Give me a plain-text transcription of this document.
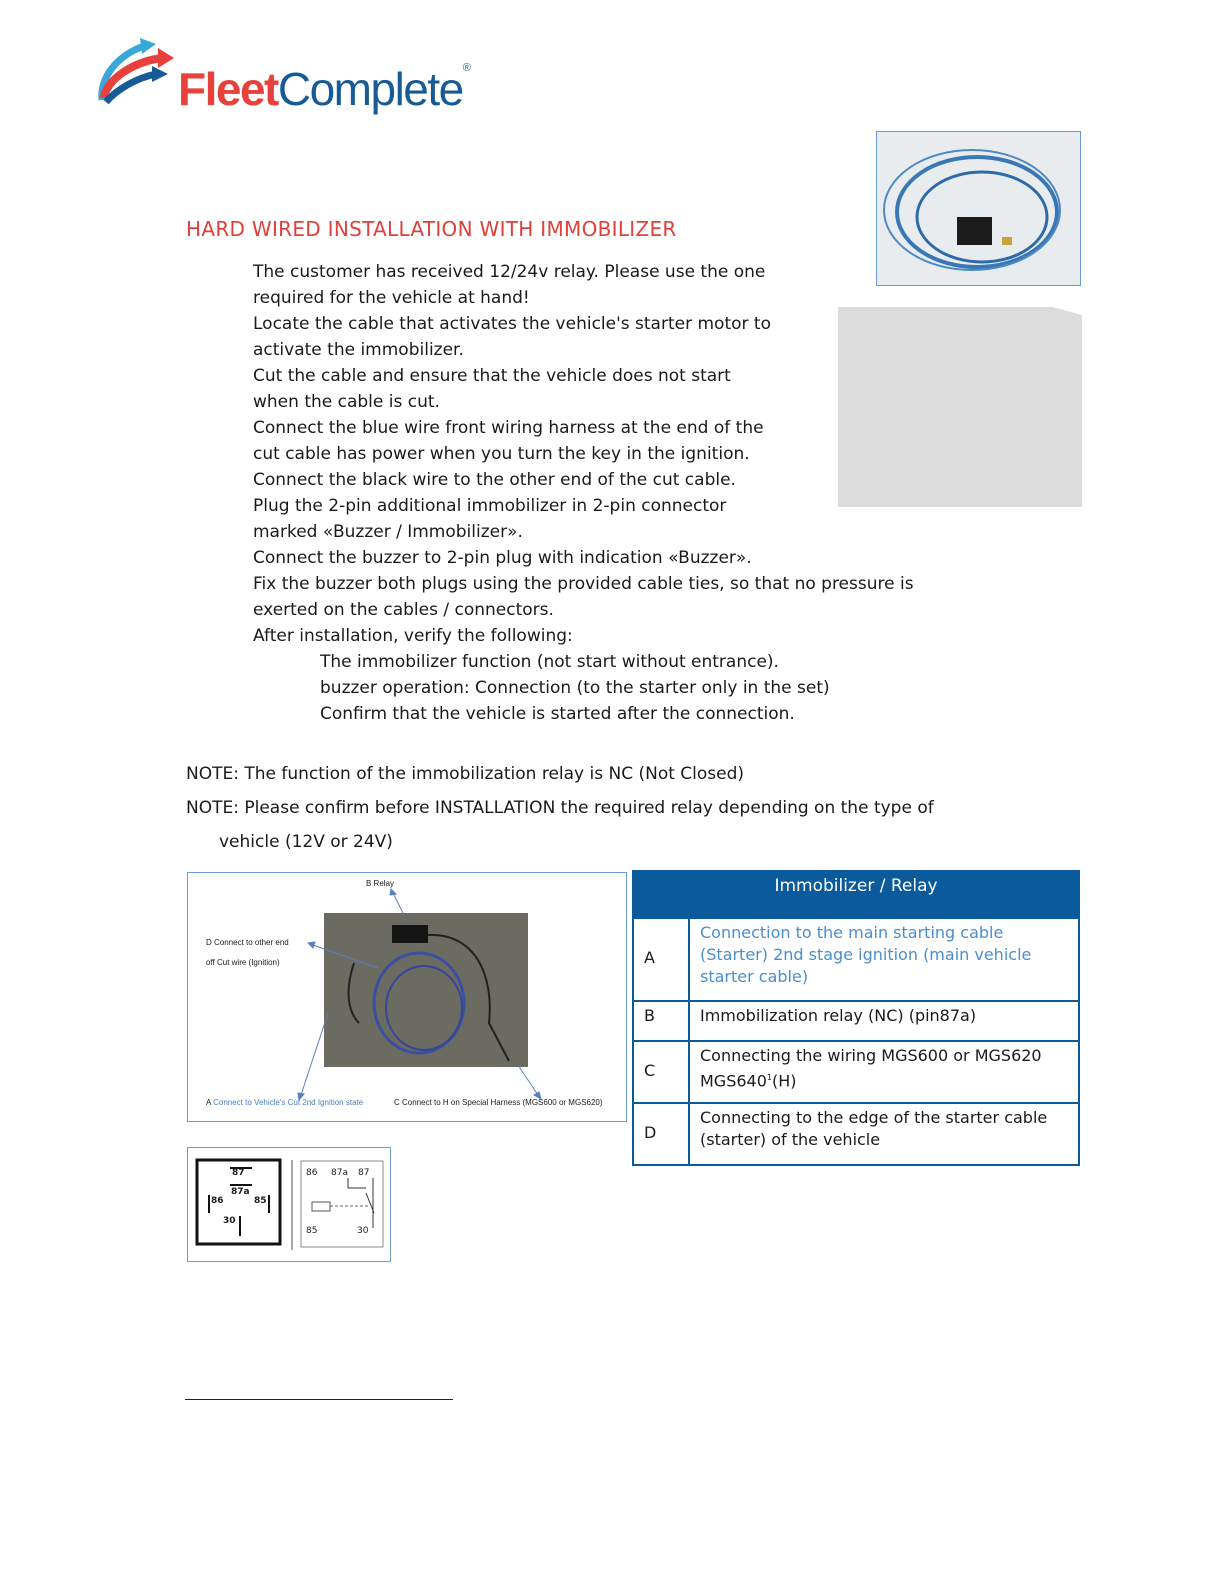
FleetComplete®
HARD WIRED INSTALLATION WITH IMMOBILIZER
The customer has received 12/24v relay. Please use the one
required for the vehicle at hand!
Locate the cable that activates the vehicle's starter motor to
activate the immobilizer.
Cut the cable and ensure that the vehicle does not start
when the cable is cut.
Connect the blue wire front wiring harness at the end of the
cut cable has power when you turn the key in the ignition.
Connect the black wire to the other end of the cut cable.
Plug the 2-pin additional immobilizer in 2-pin connector
marked «Buzzer / Immobilizer».
Connect the buzzer to 2-pin plug with indication «Buzzer».
Fix the buzzer both plugs using the provided cable ties, so that no pressure is
exerted on the cables / connectors.
After installation, verify the following:
The immobilizer function (not start without entrance).
buzzer operation: Connection (to the starter only in the set)
Confirm that the vehicle is started after the connection.
NOTE: The function of the immobilization relay is NC (Not Closed)
NOTE: Please confirm before INSTALLATION the required relay depending on the type of
vehicle (12V or 24V)
B Relay
D Connect to other end
off Cut wire (Ignition)
A Connect to Vehicle's Cut 2nd Ignition state	C Connect to H on Special Harness (MGS600 or MGS620)
87
87a
86	85
30
86 87a 87
85	30
Immobilizer / Relay	
A	Connection to the main starting cable (Starter) 2nd stage ignition (main vehicle starter cable)
B	Immobilization relay (NC) (pin87a)
C	Connecting the wiring MGS600 or MGS620 $MGS640^1(H)$
D	Connecting to the edge of the starter cable (starter) of the vehicle
